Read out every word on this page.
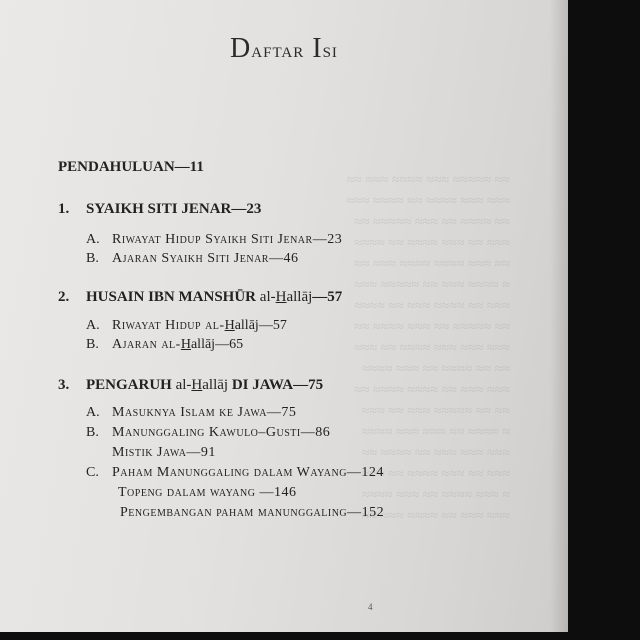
≈≈ ≈≈≈ ≈≈≈≈ ≈≈≈ ≈≈≈≈≈ ≈≈
≈≈≈ ≈≈≈≈ ≈≈ ≈≈≈≈ ≈≈≈ ≈≈≈
≈≈ ≈≈≈≈≈ ≈≈≈ ≈≈ ≈≈≈≈ ≈≈
≈≈≈≈ ≈≈ ≈≈≈≈ ≈≈≈ ≈≈ ≈≈≈
≈≈ ≈≈≈ ≈≈≈≈ ≈≈≈≈ ≈≈≈ ≈≈
≈≈≈ ≈≈≈≈≈ ≈≈ ≈≈≈ ≈≈≈≈ ≈
≈≈≈≈ ≈≈ ≈≈≈ ≈≈≈≈ ≈≈ ≈≈≈
≈≈ ≈≈≈≈ ≈≈≈ ≈≈ ≈≈≈≈≈ ≈≈
≈≈≈ ≈≈ ≈≈≈≈ ≈≈≈ ≈≈≈ ≈≈≈
≈≈≈≈ ≈≈≈ ≈≈ ≈≈≈≈ ≈≈ ≈≈
≈≈ ≈≈≈≈ ≈≈≈≈ ≈≈ ≈≈≈ ≈≈≈
≈≈≈ ≈≈ ≈≈≈ ≈≈≈≈≈ ≈≈ ≈≈
≈≈≈≈ ≈≈≈ ≈≈≈ ≈≈ ≈≈≈≈ ≈
≈≈ ≈≈≈≈ ≈≈ ≈≈≈ ≈≈≈ ≈≈≈
≈≈≈ ≈≈ ≈≈≈≈ ≈≈≈ ≈≈ ≈≈≈
≈≈≈≈ ≈≈≈ ≈≈ ≈≈≈≈ ≈≈≈ ≈
≈≈ ≈≈≈ ≈≈≈≈ ≈≈ ≈≈≈ ≈≈≈
Daftar Isi
PENDAHULUAN—11
1. SYAIKH SITI JENAR—23
A. Riwayat Hidup Syaikh Siti Jenar—23
B. Ajaran Syaikh Siti Jenar—46
2. HUSAIN IBN MANSHŪR al-Hallāj—57
A. Riwayat Hidup al-Hallāj—57
B. Ajaran al-Hallāj—65
3. PENGARUH al-Hallāj DI JAWA—75
A. Masuknya Islam ke Jawa—75
B. Manunggaling Kawulo–Gusti—86
Mistik Jawa—91
C. Paham Manunggaling dalam Wayang—124
Topeng dalam wayang —146
Pengembangan paham manunggaling—152
4
